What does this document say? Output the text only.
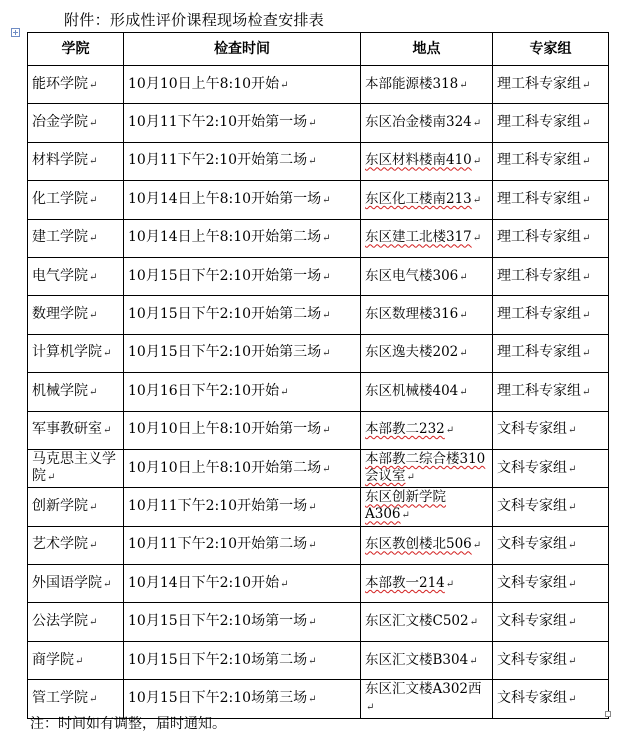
附件：形成性评价课程现场检查安排表
学院	检查时间	地点	专家组
能环学院↵	10月10日上午8:10开始↵	本部能源楼318↵	理工科专家组↵
冶金学院↵	10月11下午2:10开始第一场↵	东区冶金楼南324↵	理工科专家组↵
材料学院↵	10月11下午2:10开始第二场↵	东区材料楼南410↵	理工科专家组↵
化工学院↵	10月14日上午8:10开始第一场↵	东区化工楼南213↵	理工科专家组↵
建工学院↵	10月14日上午8:10开始第二场↵	东区建工北楼317↵	理工科专家组↵
电气学院↵	10月15日下午2:10开始第一场↵	东区电气楼306↵	理工科专家组↵
数理学院↵	10月15日下午2:10开始第二场↵	东区数理楼316↵	理工科专家组↵
计算机学院↵	10月15日下午2:10开始第三场↵	东区逸夫楼202↵	理工科专家组↵
机械学院↵	10月16日下午2:10开始↵	东区机械楼404↵	理工科专家组↵
军事教研室↵	10月10日上午8:10开始第一场↵	本部教二232↵	文科专家组↵
马克思主义学院↵	10月10日上午8:10开始第二场↵	本部教二综合楼310会议室↵	文科专家组↵
创新学院↵	10月11下午2:10开始第一场↵	东区创新学院A306↵	文科专家组↵
艺术学院↵	10月11下午2:10开始第二场↵	东区教创楼北506↵	文科专家组↵
外国语学院↵	10月14日下午2:10开始↵	本部教一214↵	文科专家组↵
公法学院↵	10月15日下午2:10场第一场↵	东区汇文楼C502↵	文科专家组↵
商学院↵	10月15日下午2:10场第二场↵	东区汇文楼B304↵	文科专家组↵
管工学院↵	10月15日下午2:10场第三场↵	东区汇文楼A302西↵	文科专家组↵
注：时间如有调整，届时通知。
